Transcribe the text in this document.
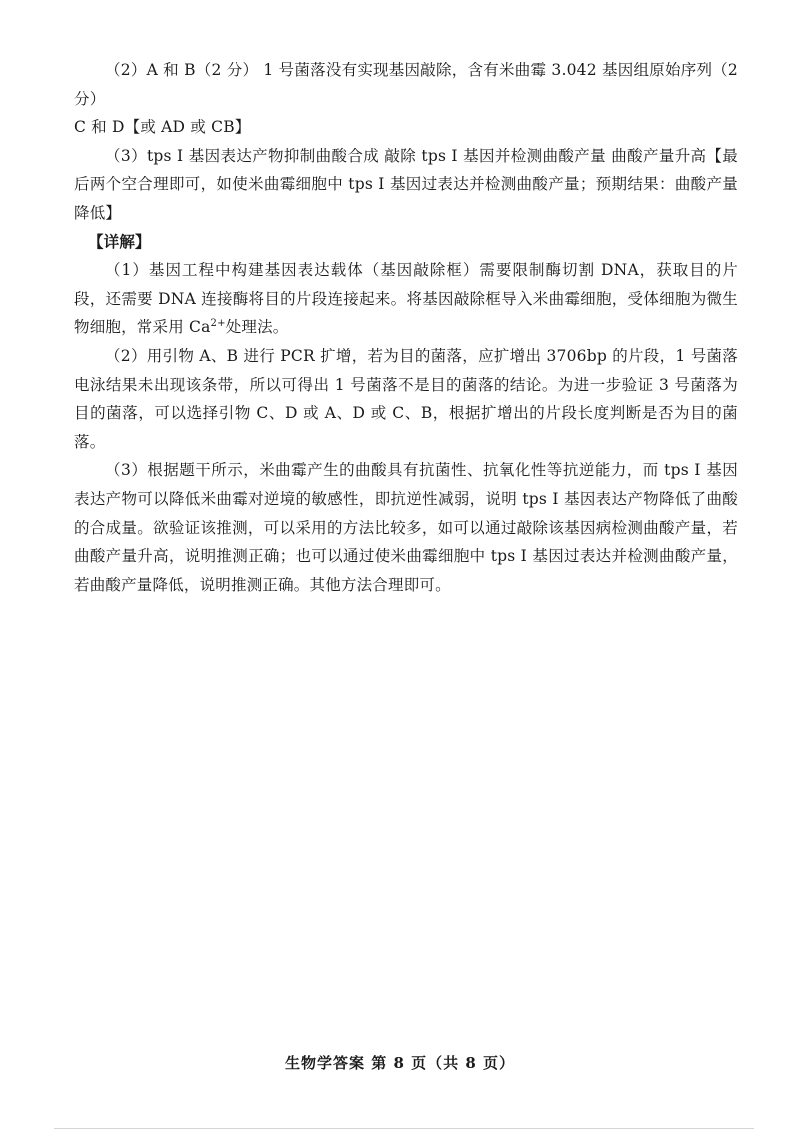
（2）A 和 B（2 分） 1 号菌落没有实现基因敲除，含有米曲霉 3.042 基因组原始序列（2 分）
C 和 D【或 AD 或 CB】

（3）tps Ⅰ 基因表达产物抑制曲酸合成 敲除 tps Ⅰ 基因并检测曲酸产量 曲酸产量升高【最后两个空合理即可，如使米曲霉细胞中 tps Ⅰ 基因过表达并检测曲酸产量；预期结果：曲酸产量降低】

【详解】

（1）基因工程中构建基因表达载体（基因敲除框）需要限制酶切割 DNA，获取目的片段，还需要 DNA 连接酶将目的片段连接起来。将基因敲除框导入米曲霉细胞，受体细胞为微生物细胞，常采用 $Ca^{2+}$处理法。

（2）用引物 A、B 进行 PCR 扩增，若为目的菌落，应扩增出 3706bp 的片段，1 号菌落电泳结果未出现该条带，所以可得出 1 号菌落不是目的菌落的结论。为进一步验证 3 号菌落为目的菌落，可以选择引物 C、D 或 A、D 或 C、B，根据扩增出的片段长度判断是否为目的菌落。

（3）根据题干所示，米曲霉产生的曲酸具有抗菌性、抗氧化性等抗逆能力，而 tps Ⅰ 基因表达产物可以降低米曲霉对逆境的敏感性，即抗逆性减弱，说明 tps Ⅰ 基因表达产物降低了曲酸的合成量。欲验证该推测，可以采用的方法比较多，如可以通过敲除该基因病检测曲酸产量，若曲酸产量升高，说明推测正确；也可以通过使米曲霉细胞中 tps Ⅰ 基因过表达并检测曲酸产量，若曲酸产量降低，说明推测正确。其他方法合理即可。

生物学答案 第 8 页（共 8 页）
